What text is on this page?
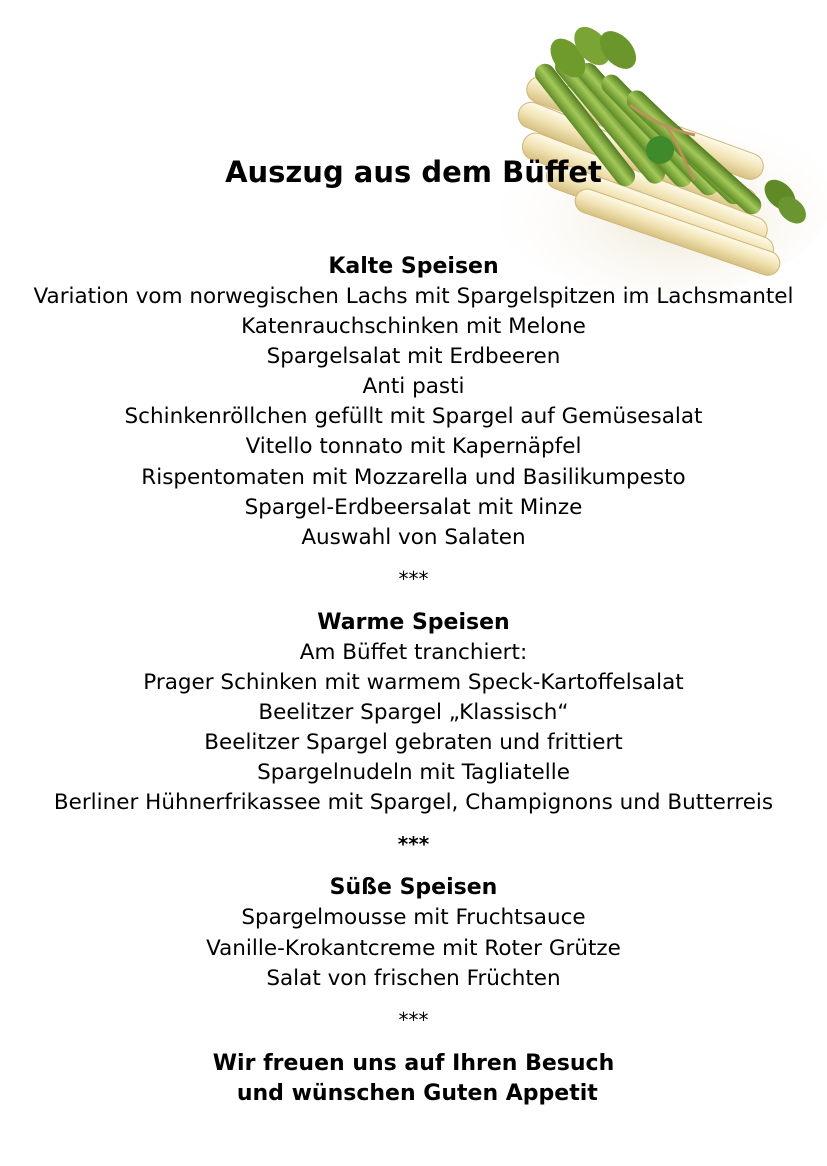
Auszug aus dem Büffet

Kalte Speisen

Variation vom norwegischen Lachs mit Spargelspitzen im Lachsmantel

Katenrauchschinken mit Melone

Spargelsalat mit Erdbeeren

Anti pasti

Schinkenröllchen gefüllt mit Spargel auf Gemüsesalat

Vitello tonnato mit Kapernäpfel

Rispentomaten mit Mozzarella und Basilikumpesto

Spargel-Erdbeersalat mit Minze

Auswahl von Salaten

***

Warme Speisen

Am Büffet tranchiert:

Prager Schinken mit warmem Speck-Kartoffelsalat

Beelitzer Spargel „Klassisch“

Beelitzer Spargel gebraten und frittiert

Spargelnudeln mit Tagliatelle

Berliner Hühnerfrikassee mit Spargel, Champignons und Butterreis

***

Süße Speisen

Spargelmousse mit Fruchtsauce

Vanille-Krokantcreme mit Roter Grütze

Salat von frischen Früchten

***

Wir freuen uns auf Ihren Besuch

und wünschen Guten Appetit
